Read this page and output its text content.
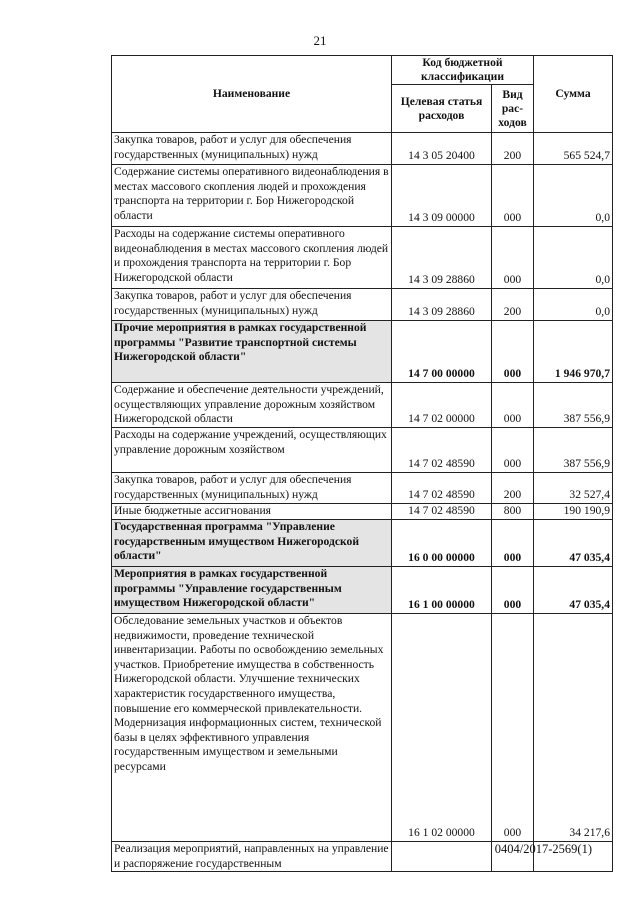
21
Наименование	Код бюджетной классификации		Сумма
	Целевая статья расходов	Вид рас-ходов	
Закупка товаров, работ и услуг для обеспечения государственных (муниципальных) нужд	14 3 05 20400	200	565 524,7
Содержание системы оперативного видеонаблюдения в местах массового скопления людей и прохождения транспорта на территории г. Бор Нижегородской области	14 3 09 00000	000	0,0
Расходы на содержание системы оперативного видеонаблюдения в местах массового скопления людей и прохождения транспорта на территории г. Бор Нижегородской области	14 3 09 28860	000	0,0
Закупка товаров, работ и услуг для обеспечения государственных (муниципальных) нужд	14 3 09 28860	200	0,0
Прочие мероприятия в рамках государственной программы "Развитие транспортной системы Нижегородской области"	14 7 00 00000	000	1 946 970,7
Содержание и обеспечение деятельности учреждений, осуществляющих управление дорожным хозяйством Нижегородской области	14 7 02 00000	000	387 556,9
Расходы на содержание учреждений, осуществляющих управление дорожным хозяйством	14 7 02 48590	000	387 556,9
Закупка товаров, работ и услуг для обеспечения государственных (муниципальных) нужд	14 7 02 48590	200	32 527,4
Иные бюджетные ассигнования	14 7 02 48590	800	190 190,9
Государственная программа "Управление государственным имуществом Нижегородской области"	16 0 00 00000	000	47 035,4
Мероприятия в рамках государственной программы "Управление государственным имуществом Нижегородской области"	16 1 00 00000	000	47 035,4
Обследование земельных участков и объектов недвижимости, проведение технической инвентаризации. Работы по освобождению земельных участков. Приобретение имущества в собственность Нижегородской области. Улучшение технических характеристик государственного имущества, повышение его коммерческой привлекательности. Модернизация информационных систем, технической базы в целях эффективного управления государственным имуществом и земельными ресурсами	16 1 02 00000	000	34 217,6
Реализация мероприятий, направленных на управление и распоряжение государственным			
0404/2017-2569(1)
